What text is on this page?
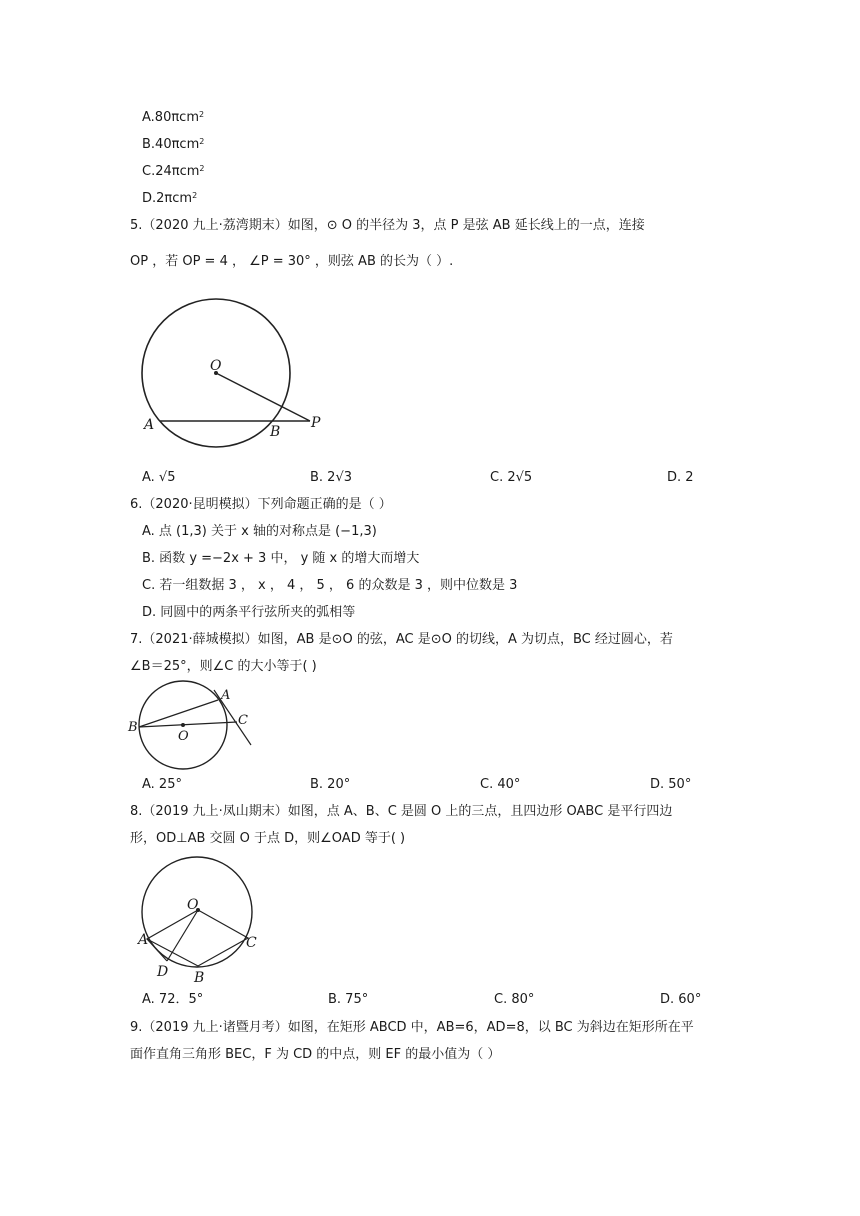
A.80πcm$^2$
B.40πcm$^2$
C.24πcm$^2$
D.2πcm$^2$
5.（2020 九上·荔湾期末）如图，⊙ O 的半径为 3，点 P 是弦 AB 延长线上的一点，连接
OP ，若 OP = 4 ， ∠P = 30° ，则弦 AB 的长为（ ）.
O
A	B
P
A. √5	B. 2√3	C. 2√5	D. 2
6.（2020·昆明模拟）下列命题正确的是（ ）
A. 点 (1,3) 关于 x 轴的对称点是 (−1,3)
B. 函数 y =−2x + 3 中， y 随 x 的增大而增大
C. 若一组数据 3 ， x ， 4 ， 5 ， 6 的众数是 3 ，则中位数是 3
D. 同圆中的两条平行弦所夹的弧相等
7.（2021·薛城模拟）如图，AB 是⊙O 的弦，AC 是⊙O 的切线，A 为切点，BC 经过圆心，若
∠B＝25°，则∠C 的大小等于( )
B
A
C
O
A. 25°	B. 20°	C. 40°	D. 50°
8.（2019 九上·凤山期末）如图，点 A、B、C 是圆 O 上的三点，且四边形 OABC 是平行四边
形，OD⊥AB 交圆 O 于点 D，则∠OAD 等于( )
O
A	C
D B
A. 72．5°	B. 75°	C. 80°	D. 60°
9.（2019 九上·诸暨月考）如图，在矩形 ABCD 中，AB=6，AD=8，以 BC 为斜边在矩形所在平
面作直角三角形 BEC，F 为 CD 的中点，则 EF 的最小值为（ ）
